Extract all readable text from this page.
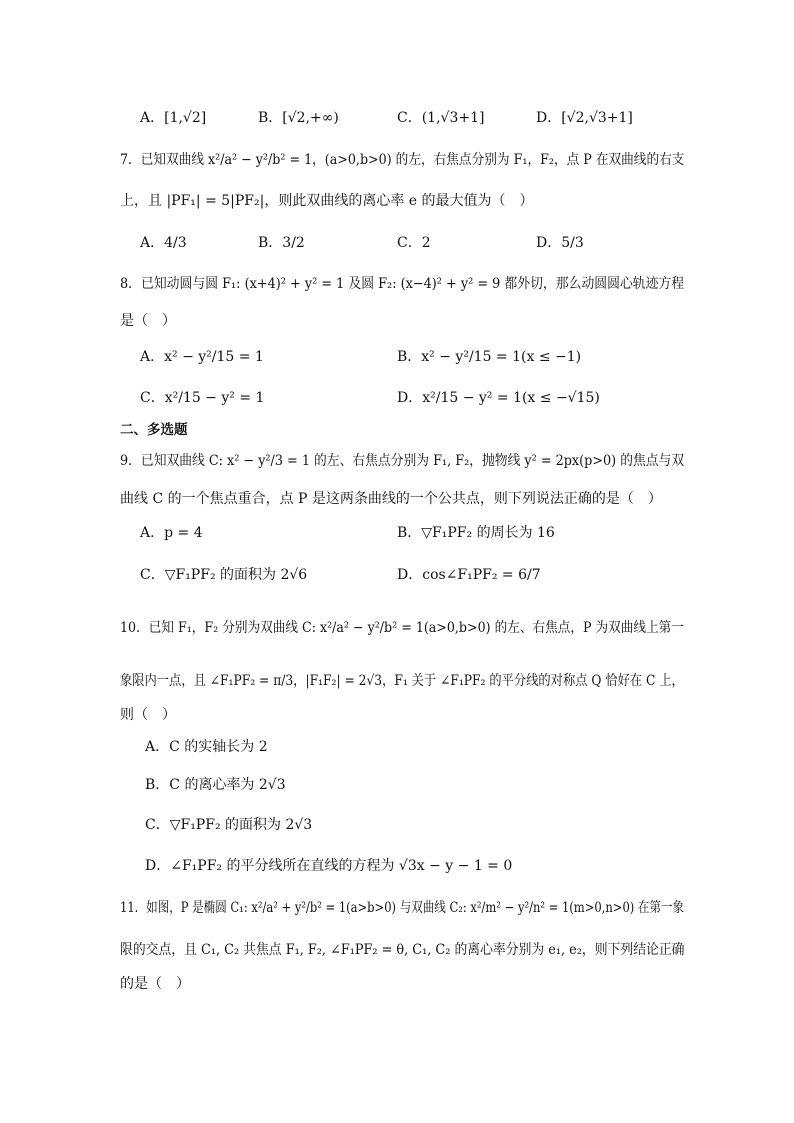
A．[1,√2]	B．[√2,+∞)	C．(1,√3+1]	D．[√2,√3+1]
7．已知双曲线 x²/a² − y²/b² = 1，(a>0,b>0) 的左，右焦点分别为 F₁，F₂，点 P 在双曲线的右支
上，且 |PF₁| = 5|PF₂|，则此双曲线的离心率 e 的最大值为（　）
A．4/3	B．3/2	C．2	D．5/3
8．已知动圆与圆 F₁: (x+4)² + y² = 1 及圆 F₂: (x−4)² + y² = 9 都外切，那么动圆圆心轨迹方程
是（　）
A．x² − y²/15 = 1	B．x² − y²/15 = 1(x ≤ −1)
C．x²/15 − y² = 1	D．x²/15 − y² = 1(x ≤ −√15)
二、多选题
9．已知双曲线 C: x² − y²/3 = 1 的左、右焦点分别为 F₁, F₂，抛物线 y² = 2px(p>0) 的焦点与双
曲线 C 的一个焦点重合，点 P 是这两条曲线的一个公共点，则下列说法正确的是（　）
A．p = 4	B．▽F₁PF₂ 的周长为 16
C．▽F₁PF₂ 的面积为 2√6	D．cos∠F₁PF₂ = 6/7
10．已知 F₁，F₂ 分别为双曲线 C: x²/a² − y²/b² = 1(a>0,b>0) 的左、右焦点，P 为双曲线上第一
象限内一点，且 ∠F₁PF₂ = π/3，|F₁F₂| = 2√3，F₁ 关于 ∠F₁PF₂ 的平分线的对称点 Q 恰好在 C 上，
则（　）
A．C 的实轴长为 2
B．C 的离心率为 2√3
C．▽F₁PF₂ 的面积为 2√3
D．∠F₁PF₂ 的平分线所在直线的方程为 √3x − y − 1 = 0
11．如图，P 是椭圆 C₁: x²/a² + y²/b² = 1(a>b>0) 与双曲线 C₂: x²/m² − y²/n² = 1(m>0,n>0) 在第一象
限的交点，且 C₁, C₂ 共焦点 F₁, F₂, ∠F₁PF₂ = θ, C₁, C₂ 的离心率分别为 e₁, e₂，则下列结论正确
的是（　）
